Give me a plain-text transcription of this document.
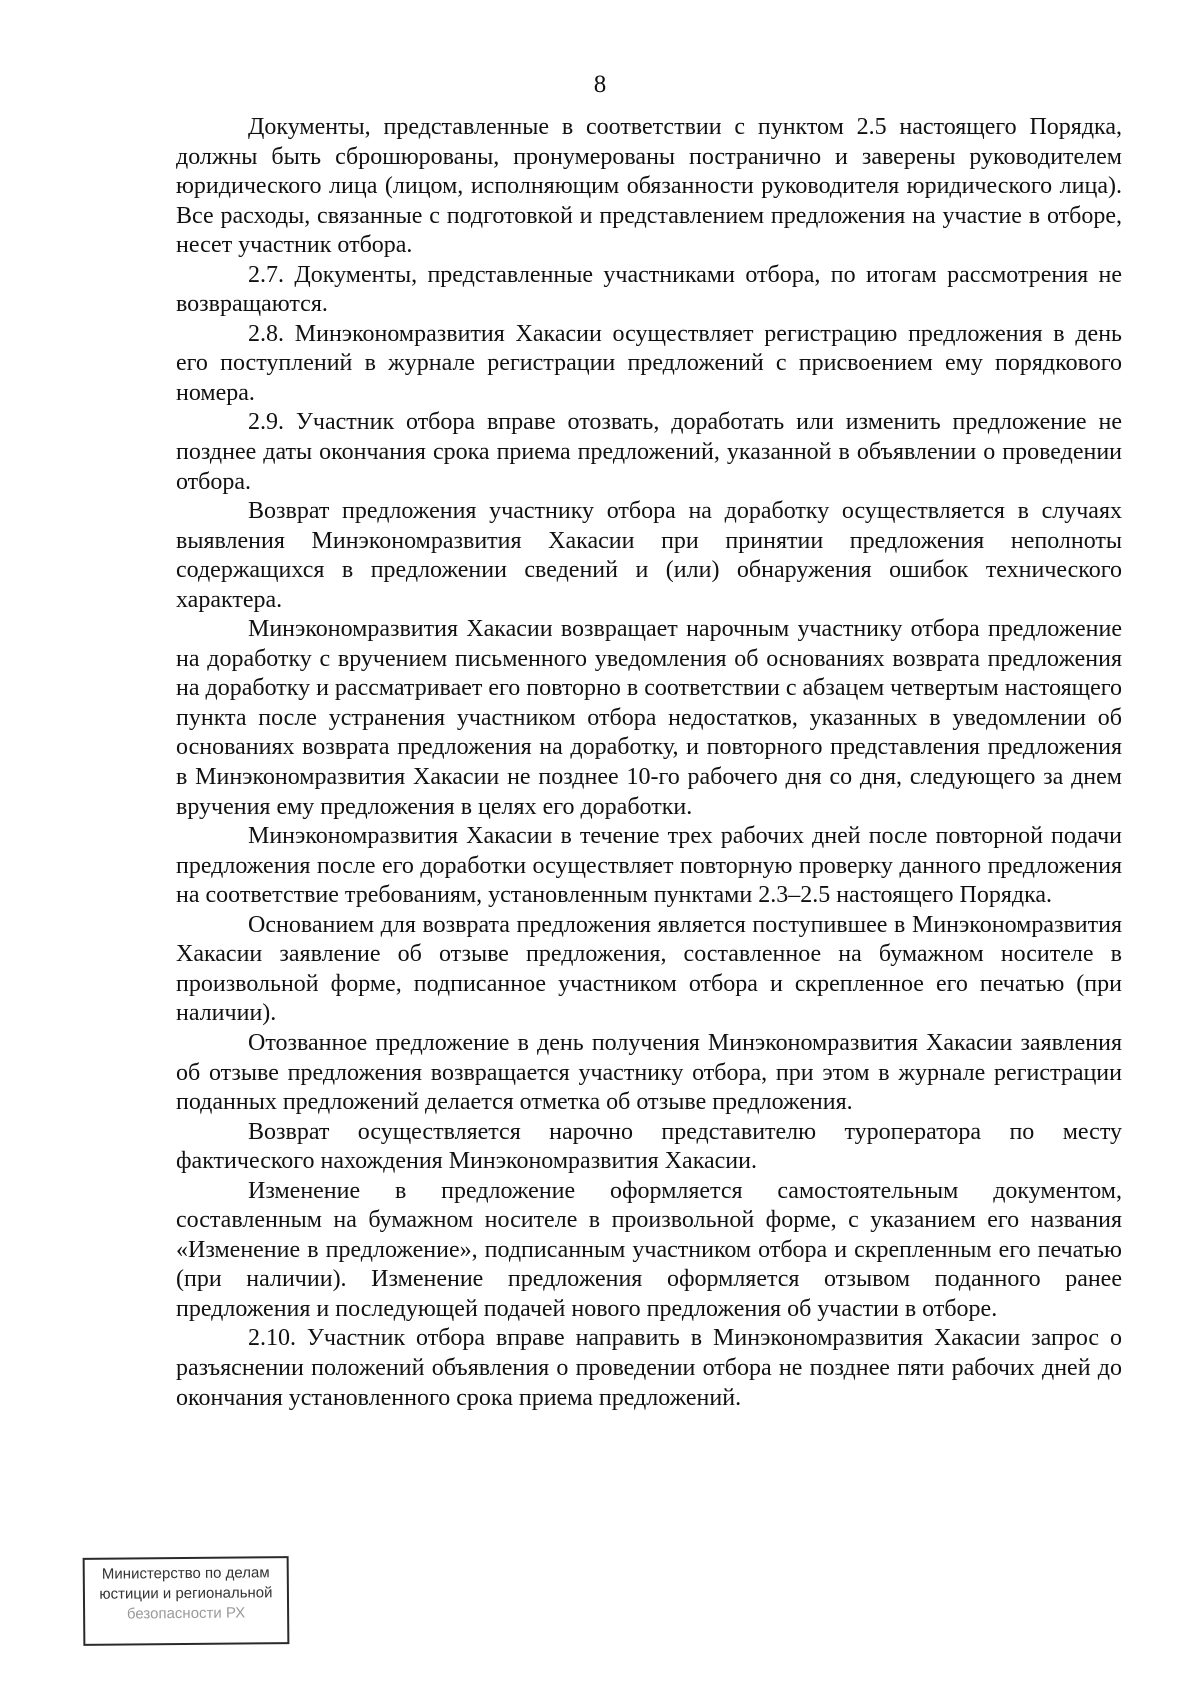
8

Документы, представленные в соответствии с пунктом 2.5 настоящего Порядка, должны быть сброшюрованы, пронумерованы постранично и заверены руководителем юридического лица (лицом, исполняющим обязанности руководителя юридического лица). Все расходы, связанные с подготовкой и представлением предложения на участие в отборе, несет участник отбора.

2.7. Документы, представленные участниками отбора, по итогам рассмотрения не возвращаются.

2.8. Минэкономразвития Хакасии осуществляет регистрацию предложения в день его поступлений в журнале регистрации предложений с присвоением ему порядкового номера.

2.9. Участник отбора вправе отозвать, доработать или изменить предложение не позднее даты окончания срока приема предложений, указанной в объявлении о проведении отбора.

Возврат предложения участнику отбора на доработку осуществляется в случаях выявления Минэкономразвития Хакасии при принятии предложения неполноты содержащихся в предложении сведений и (или) обнаружения ошибок технического характера.

Минэкономразвития Хакасии возвращает нарочным участнику отбора предложение на доработку с вручением письменного уведомления об основаниях возврата предложения на доработку и рассматривает его повторно в соответствии с абзацем четвертым настоящего пункта после устранения участником отбора недостатков, указанных в уведомлении об основаниях возврата предложения на доработку, и повторного представления предложения в Минэкономразвития Хакасии не позднее 10-го рабочего дня со дня, следующего за днем вручения ему предложения в целях его доработки.

Минэкономразвития Хакасии в течение трех рабочих дней после повторной подачи предложения после его доработки осуществляет повторную проверку данного предложения на соответствие требованиям, установленным пунктами 2.3–2.5 настоящего Порядка.

Основанием для возврата предложения является поступившее в Минэкономразвития Хакасии заявление об отзыве предложения, составленное на бумажном носителе в произвольной форме, подписанное участником отбора и скрепленное его печатью (при наличии).

Отозванное предложение в день получения Минэкономразвития Хакасии заявления об отзыве предложения возвращается участнику отбора, при этом в журнале регистрации поданных предложений делается отметка об отзыве предложения.

Возврат осуществляется нарочно представителю туроператора по месту фактического нахождения Минэкономразвития Хакасии.

Изменение в предложение оформляется самостоятельным документом, составленным на бумажном носителе в произвольной форме, с указанием его названия «Изменение в предложение», подписанным участником отбора и скрепленным его печатью (при наличии). Изменение предложения оформляется отзывом поданного ранее предложения и последующей подачей нового предложения об участии в отборе.

2.10. Участник отбора вправе направить в Минэкономразвития Хакасии запрос о разъяснении положений объявления о проведении отбора не позднее пяти рабочих дней до окончания установленного срока приема предложений.

Министерство по делам
юстиции и региональной
безопасности РХ
